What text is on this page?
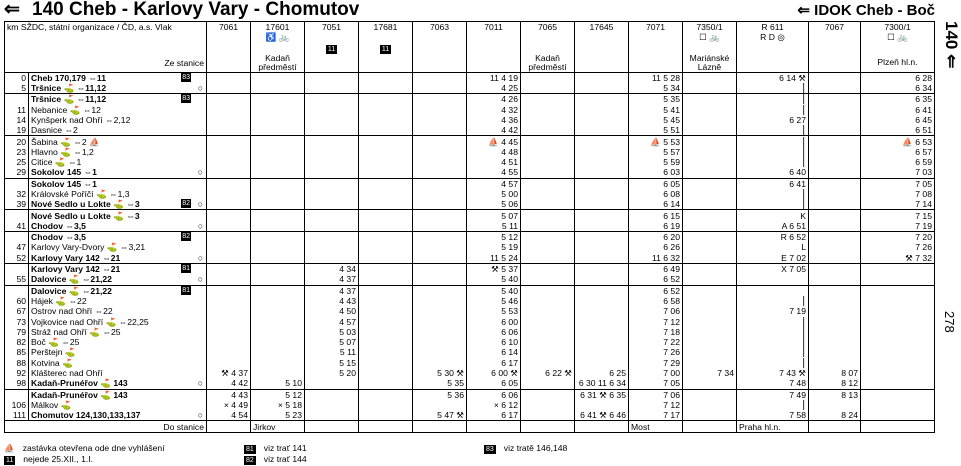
⇐ 140 Cheb - Karlovy Vary - Chomutov	⇐ IDOK Cheb - Boč
km SŽDC, státní organizace / ČD, a.s. Vlak		7061	17601	7051	17681	7063	7011	7065	17645	7071	7350/1	R 611	7067	7300/1
			♿ 🚲								☐ 🚲	R D ◎		☐ 🚲
				11	11									
Ze stanice			Kadaň předměstí					Kadaň předměstí			Mariánské Lázně			Plzeň hl.n.
0	Cheb 170,179 ⇔11 83						11 4 19			11 5 28		6 14 ⚒		6 28
5	Tršnice ⛳ ⇔11,12 ○						4 25			5 34		⎮		6 34
	Tršnice ⛳ ⇔11,12 83						4 26			5 35		⎮		6 35
11	Nebanice ⛳ ⇔12						4 32			5 41		⎮		6 41
14	Kynšperk nad Ohří ⇔2,12						4 36			5 45		6 27		6 45
19	Dasnice ⇔2						4 42			5 51		⎮		6 51
20	Šabina ⛳ ⇔2 ⛵						⛵ 4 45			⛵ 5 53		⎮		⛵ 6 53
23	Hlavno ⛳ ⇔1,2						4 48			5 57		⎮		6 57
25	Citice ⛳ ⇔1						4 51			5 59		⎮		6 59
29	Sokolov 145 ⇔1 ○						4 55			6 03		6 40		7 03
	Sokolov 145 ⇔1						4 57			6 05		6 41		7 05
32	Královské Poříčí ⛳ ⇔1,3						5 00			6 08		⎮		7 08
39	Nové Sedlo u Lokte ⛳ ⇔3 82 ○						5 06			6 14		⎮		7 14
	Nové Sedlo u Lokte ⛳ ⇔3						5 07			6 15		K		7 15
41	Chodov ⇔3,5 ○						5 11			6 19		A 6 51		7 19
	Chodov ⇔3,5 82						5 12			6 20		R 6 52		7 20
47	Karlovy Vary-Dvory ⛳ ⇔3,21						5 19			6 26		L		7 26
52	Karlovy Vary 142 ⇔21 ○						11 5 24			11 6 32		E 7 02		⚒ 7 32
	Karlovy Vary 142 ⇔21 81			4 34			⚒ 5 37			6 49		X 7 05		
55	Dalovice ⛳ ⇔21,22 ○			4 37			5 40			6 52				
	Dalovice ⛳ ⇔21,22 81			4 37			5 40			6 52				
60	Hájek ⛳ ⇔22			4 43			5 46			6 58		⎮		
67	Ostrov nad Ohří ⇔22			4 50			5 53			7 06		7 19		
73	Vojkovice nad Ohří ⛳ ⇔22,25			4 57			6 00			7 12		⎮		
79	Stráž nad Ohří ⛳ ⇔25			5 03			6 06			7 18		⎮		
82	Boč ⛳ ⇔25			5 07			6 10			7 22		⎮		
85	Perštejn ⛳			5 11			6 14			7 26		⎮		
88	Kotvina ⛳			5 15			6 17			7 29		⎮		
92	Klášterec nad Ohří	⚒ 4 37		5 20		5 30 ⚒	6 00 ⚒	6 22 ⚒	6 25	7 00	7 34	7 43 ⚒	8 07	
98	Kadaň-Prunéřov ⛳ 143 ○	4 42	5 10			5 35	6 05		6 30 11 6 34	7 05		7 48	8 12	
	Kadaň-Prunéřov ⛳ 143	4 43	5 12			5 36	6 06		6 31 ⚒ 6 35	7 06		7 49	8 13	
106	Málkov ⛳	× 4 49	× 5 18				× 6 12			7 12		⎮		
111	Chomutov 124,130,133,137 ○	4 54	5 23			5 47 ⚒	6 17		6 41 ⚒ 6 46	7 17		7 58	8 24	
Do stanice			Jirkov							Most		Praha hl.n.		
140 ⇐
278
⛵ zastávka otevřena ode dne vyhlášení
11 nejede 25.XII., 1.I.
81 viz trať 141
82 viz trať 144
83 viz tratě 146,148
